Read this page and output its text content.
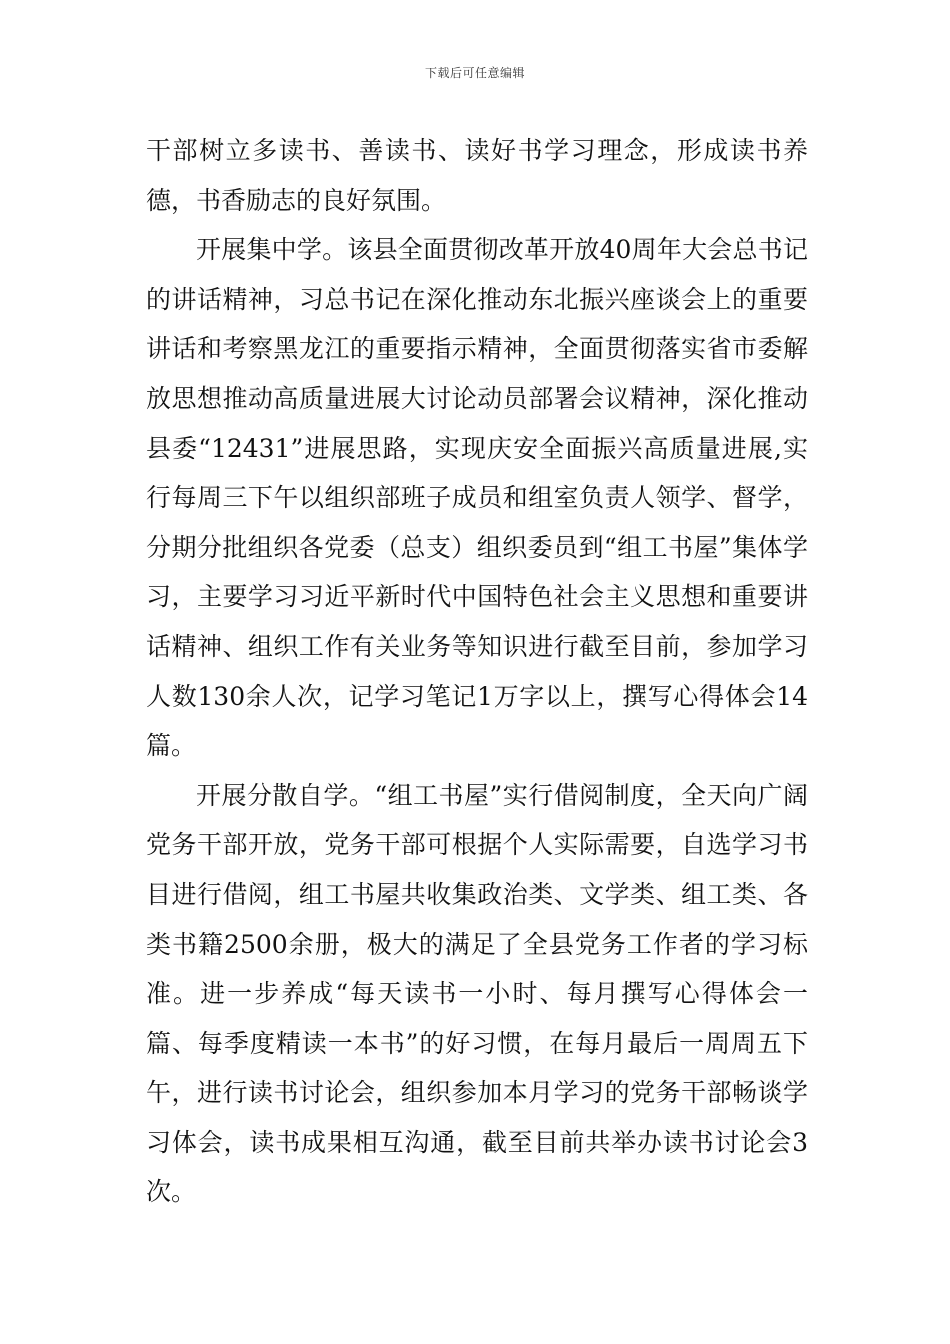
下载后可任意编辑

干部树立多读书、善读书、读好书学习理念，形成读书养德，书香励志的良好氛围。

开展集中学。该县全面贯彻改革开放40周年大会总书记的讲话精神，习总书记在深化推动东北振兴座谈会上的重要讲话和考察黑龙江的重要指示精神，全面贯彻落实省市委解放思想推动高质量进展大讨论动员部署会议精神，深化推动县委“12431”进展思路，实现庆安全面振兴高质量进展,实行每周三下午以组织部班子成员和组室负责人领学、督学，分期分批组织各党委（总支）组织委员到“组工书屋”集体学习，主要学习习近平新时代中国特色社会主义思想和重要讲话精神、组织工作有关业务等知识进行截至目前，参加学习人数130余人次，记学习笔记1万字以上，撰写心得体会14篇。

开展分散自学。“组工书屋”实行借阅制度，全天向广阔党务干部开放，党务干部可根据个人实际需要，自选学习书目进行借阅，组工书屋共收集政治类、文学类、组工类、各类书籍2500余册，极大的满足了全县党务工作者的学习标准。进一步养成“每天读书一小时、每月撰写心得体会一篇、每季度精读一本书”的好习惯，在每月最后一周周五下午，进行读书讨论会，组织参加本月学习的党务干部畅谈学习体会，读书成果相互沟通，截至目前共举办读书讨论会3次。
